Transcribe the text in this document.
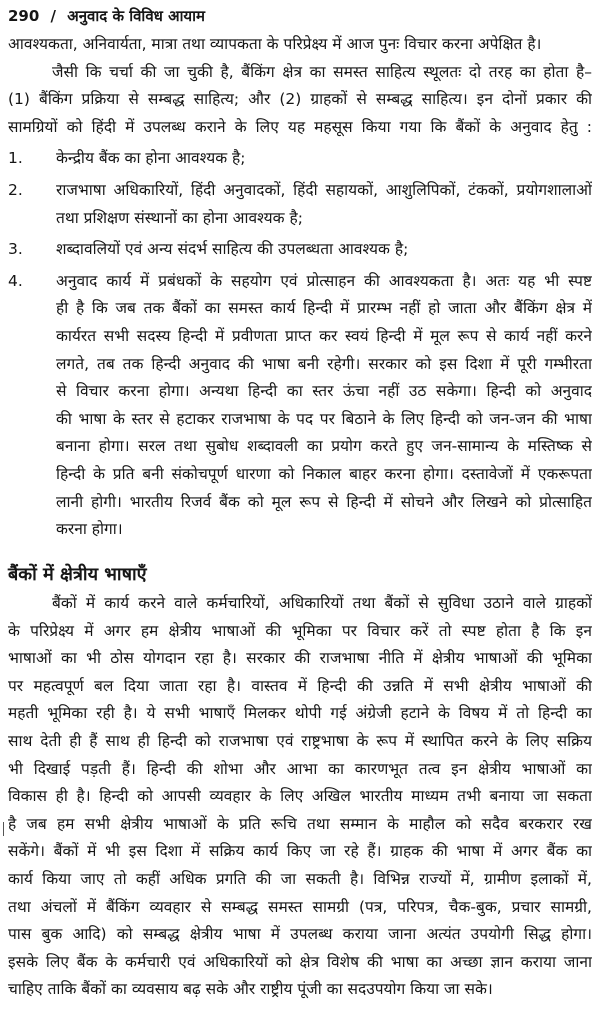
290 / अनुवाद के विविध आयाम
आवश्यकता, अनिवार्यता, मात्रा तथा व्यापकता के परिप्रेक्ष्य में आज पुनः विचार करना अपेक्षित है।
जैसी कि चर्चा की जा चुकी है, बैंकिंग क्षेत्र का समस्त साहित्य स्थूलतः दो तरह का होता है–
(1) बैंकिंग प्रक्रिया से सम्बद्ध साहित्य; और (2) ग्राहकों से सम्बद्ध साहित्य। इन दोनों प्रकार की
सामग्रियों को हिंदी में उपलब्ध कराने के लिए यह महसूस किया गया कि बैंकों के अनुवाद हेतु :
1.	केन्द्रीय बैंक का होना आवश्यक है;
2.	राजभाषा अधिकारियों, हिंदी अनुवादकों, हिंदी सहायकों, आशुलिपिकों, टंककों, प्रयोगशालाओं
तथा प्रशिक्षण संस्थानों का होना आवश्यक है;
3.	शब्दावलियों एवं अन्य संदर्भ साहित्य की उपलब्धता आवश्यक है;
4.	अनुवाद कार्य में प्रबंधकों के सहयोग एवं प्रोत्साहन की आवश्यकता है। अतः यह भी स्पष्ट
ही है कि जब तक बैंकों का समस्त कार्य हिन्दी में प्रारम्भ नहीं हो जाता और बैंकिंग क्षेत्र में
कार्यरत सभी सदस्य हिन्दी में प्रवीणता प्राप्त कर स्वयं हिन्दी में मूल रूप से कार्य नहीं करने
लगते, तब तक हिन्दी अनुवाद की भाषा बनी रहेगी। सरकार को इस दिशा में पूरी गम्भीरता
से विचार करना होगा। अन्यथा हिन्दी का स्तर ऊंचा नहीं उठ सकेगा। हिन्दी को अनुवाद
की भाषा के स्तर से हटाकर राजभाषा के पद पर बिठाने के लिए हिन्दी को जन-जन की भाषा
बनाना होगा। सरल तथा सुबोध शब्दावली का प्रयोग करते हुए जन-सामान्य के मस्तिष्क से
हिन्दी के प्रति बनी संकोचपूर्ण धारणा को निकाल बाहर करना होगा। दस्तावेजों में एकरूपता
लानी होगी। भारतीय रिजर्व बैंक को मूल रूप से हिन्दी में सोचने और लिखने को प्रोत्साहित
करना होगा।
बैंकों में क्षेत्रीय भाषाएँ
बैंकों में कार्य करने वाले कर्मचारियों, अधिकारियों तथा बैंकों से सुविधा उठाने वाले ग्राहकों
के परिप्रेक्ष्य में अगर हम क्षेत्रीय भाषाओं की भूमिका पर विचार करें तो स्पष्ट होता है कि इन
भाषाओं का भी ठोस योगदान रहा है। सरकार की राजभाषा नीति में क्षेत्रीय भाषाओं की भूमिका
पर महत्वपूर्ण बल दिया जाता रहा है। वास्तव में हिन्दी की उन्नति में सभी क्षेत्रीय भाषाओं की
महती भूमिका रही है। ये सभी भाषाएँ मिलकर थोपी गई अंग्रेजी हटाने के विषय में तो हिन्दी का
साथ देती ही हैं साथ ही हिन्दी को राजभाषा एवं राष्ट्रभाषा के रूप में स्थापित करने के लिए सक्रिय
भी दिखाई पड़ती हैं। हिन्दी की शोभा और आभा का कारणभूत तत्व इन क्षेत्रीय भाषाओं का
विकास ही है। हिन्दी को आपसी व्यवहार के लिए अखिल भारतीय माध्यम तभी बनाया जा सकता
है जब हम सभी क्षेत्रीय भाषाओं के प्रति रूचि तथा सम्मान के माहौल को सदैव बरकरार रख
सकेंगे। बैंकों में भी इस दिशा में सक्रिय कार्य किए जा रहे हैं। ग्राहक की भाषा में अगर बैंक का
कार्य किया जाए तो कहीं अधिक प्रगति की जा सकती है। विभिन्न राज्यों में, ग्रामीण इलाकों में,
तथा अंचलों में बैंकिंग व्यवहार से सम्बद्ध समस्त सामग्री (पत्र, परिपत्र, चैक-बुक, प्रचार सामग्री,
पास बुक आदि) को सम्बद्ध क्षेत्रीय भाषा में उपलब्ध कराया जाना अत्यंत उपयोगी सिद्ध होगा।
इसके लिए बैंक के कर्मचारी एवं अधिकारियों को क्षेत्र विशेष की भाषा का अच्छा ज्ञान कराया जाना
चाहिए ताकि बैंकों का व्यवसाय बढ़ सके और राष्ट्रीय पूंजी का सदउपयोग किया जा सके।
